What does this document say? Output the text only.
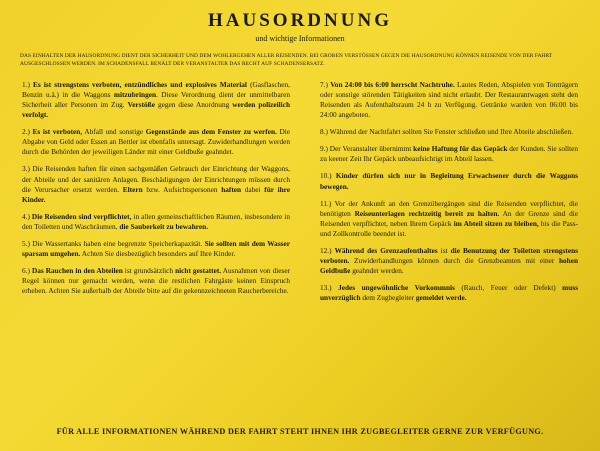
HAUSORDNUNG
und wichtige Informationen
DAS EINHALTEN DER HAUSORDNUNG DIENT DER SICHERHEIT UND DEM WOHLERGEHEN ALLER REISENDEN. BEI GROBEN VERSTÖSSEN GEGEN DIE HAUSORDNUNG KÖNNEN REISENDE VON DER FAHRT AUSGESCHLOSSEN WERDEN. IM SCHADENSFALL BENÄLT DER VERANSTALTER DAS RECHT AUF SCHADENSERSATZ.
1.) Es ist strengstens verboten, entzündliches und explosives Material (Gasflaschen, Benzin u.ä.) in die Waggons mitzubringen. Diese Verordnung dient der unmittelbaren Sicherheit aller Personen im Zug. Verstöße gegen diese Anordnung werden polizeilich verfolgt.
2.) Es ist verboten, Abfall und sonstige Gegenstände aus dem Fenster zu werfen. Die Abgabe von Geld oder Essen an Bettler ist ebenfalls untersagt. Zuwiderhandlungen werden durch die Behörden der jeweiligen Länder mit einer Geldbuße geahndet.
3.) Die Reisenden haften für einen sachgemäßen Gebrauch der Einrichtung der Waggons, der Abteile und der sanitären Anlagen. Beschädigungen der Einrichtungen müssen durch die Verursacher ersetzt werden. Eltern bzw. Aufsichtspersonen haften dabei für ihre Kinder.
4.) Die Reisenden sind verpflichtet, in allen gemeinschaftlichen Räumen, insbesondere in den Toiletten und Waschräumen, die Sauberkeit zu bewahren.
5.) Die Wassertanks haben eine begrenzte Speicherkapazität. Sie sollten mit dem Wasser sparsam umgehen. Achten Sie diesbezüglich besonders auf Ihre Kinder.
6.) Das Rauchen in den Abteilen ist grundsätzlich nicht gestattet. Ausnahmen von dieser Regel können nur gemacht werden, wenn die restlichen Fahrgäste keinen Einspruch erheben. Achten Sie außerhalb der Abteile bitte auf die gekennzeichneten Raucherbereiche.
7.) Von 24:00 bis 6:00 herrscht Nachtruhe. Lautes Reden, Abspielen von Tonträgern oder sonstige störenden Tätigkeiten sind nicht erlaubt. Der Restaurantwagen steht den Reisenden als Aufenthaltsraum 24 h zu Verfügung. Getränke warden von 06:00 bis 24:00 angeboten.
8.) Während der Nachtfahrt sollten Sie Fenster schließen und Ihre Abteile abschließen.
9.) Der Veranstalter übernimmt keine Haftung für das Gepäck der Kunden. Sie sollten zu keener Zeit Ihr Gepäck unbeaufsichtigt im Abteil lassen.
10.) Kinder dürfen sich nur in Begleitung Erwachsener durch die Waggons bewegen.
11.) Vor der Ankunft an den Grenzübergängen sind die Reisenden verpflichtet, die benötigten Reiseunterlagen rechtzeitig bereit zu halten. An der Grenze sind die Reisenden verpflichtet, neben Ihrem Gepäck im Abteil sitzen zu bleiben, bis die Pass- und Zollkontrolle beendet ist.
12.) Während des Grenzaufenthaltes ist die Benutzung der Toiletten strengstens verboten. Zuwiderhandlungen können durch die Grenzbeamten mit einer hohen Geldbuße geahndet werden.
13.) Jedes ungewöhnliche Vorkommnis (Rauch, Feuer oder Defekt) muss unverzüglich dem Zugbegleiter gemeldet werde.
FÜR ALLE INFORMATIONEN WÄHREND DER FAHRT STEHT IHNEN IHR ZUGBEGLEITER GERNE ZUR VERFÜGUNG.
